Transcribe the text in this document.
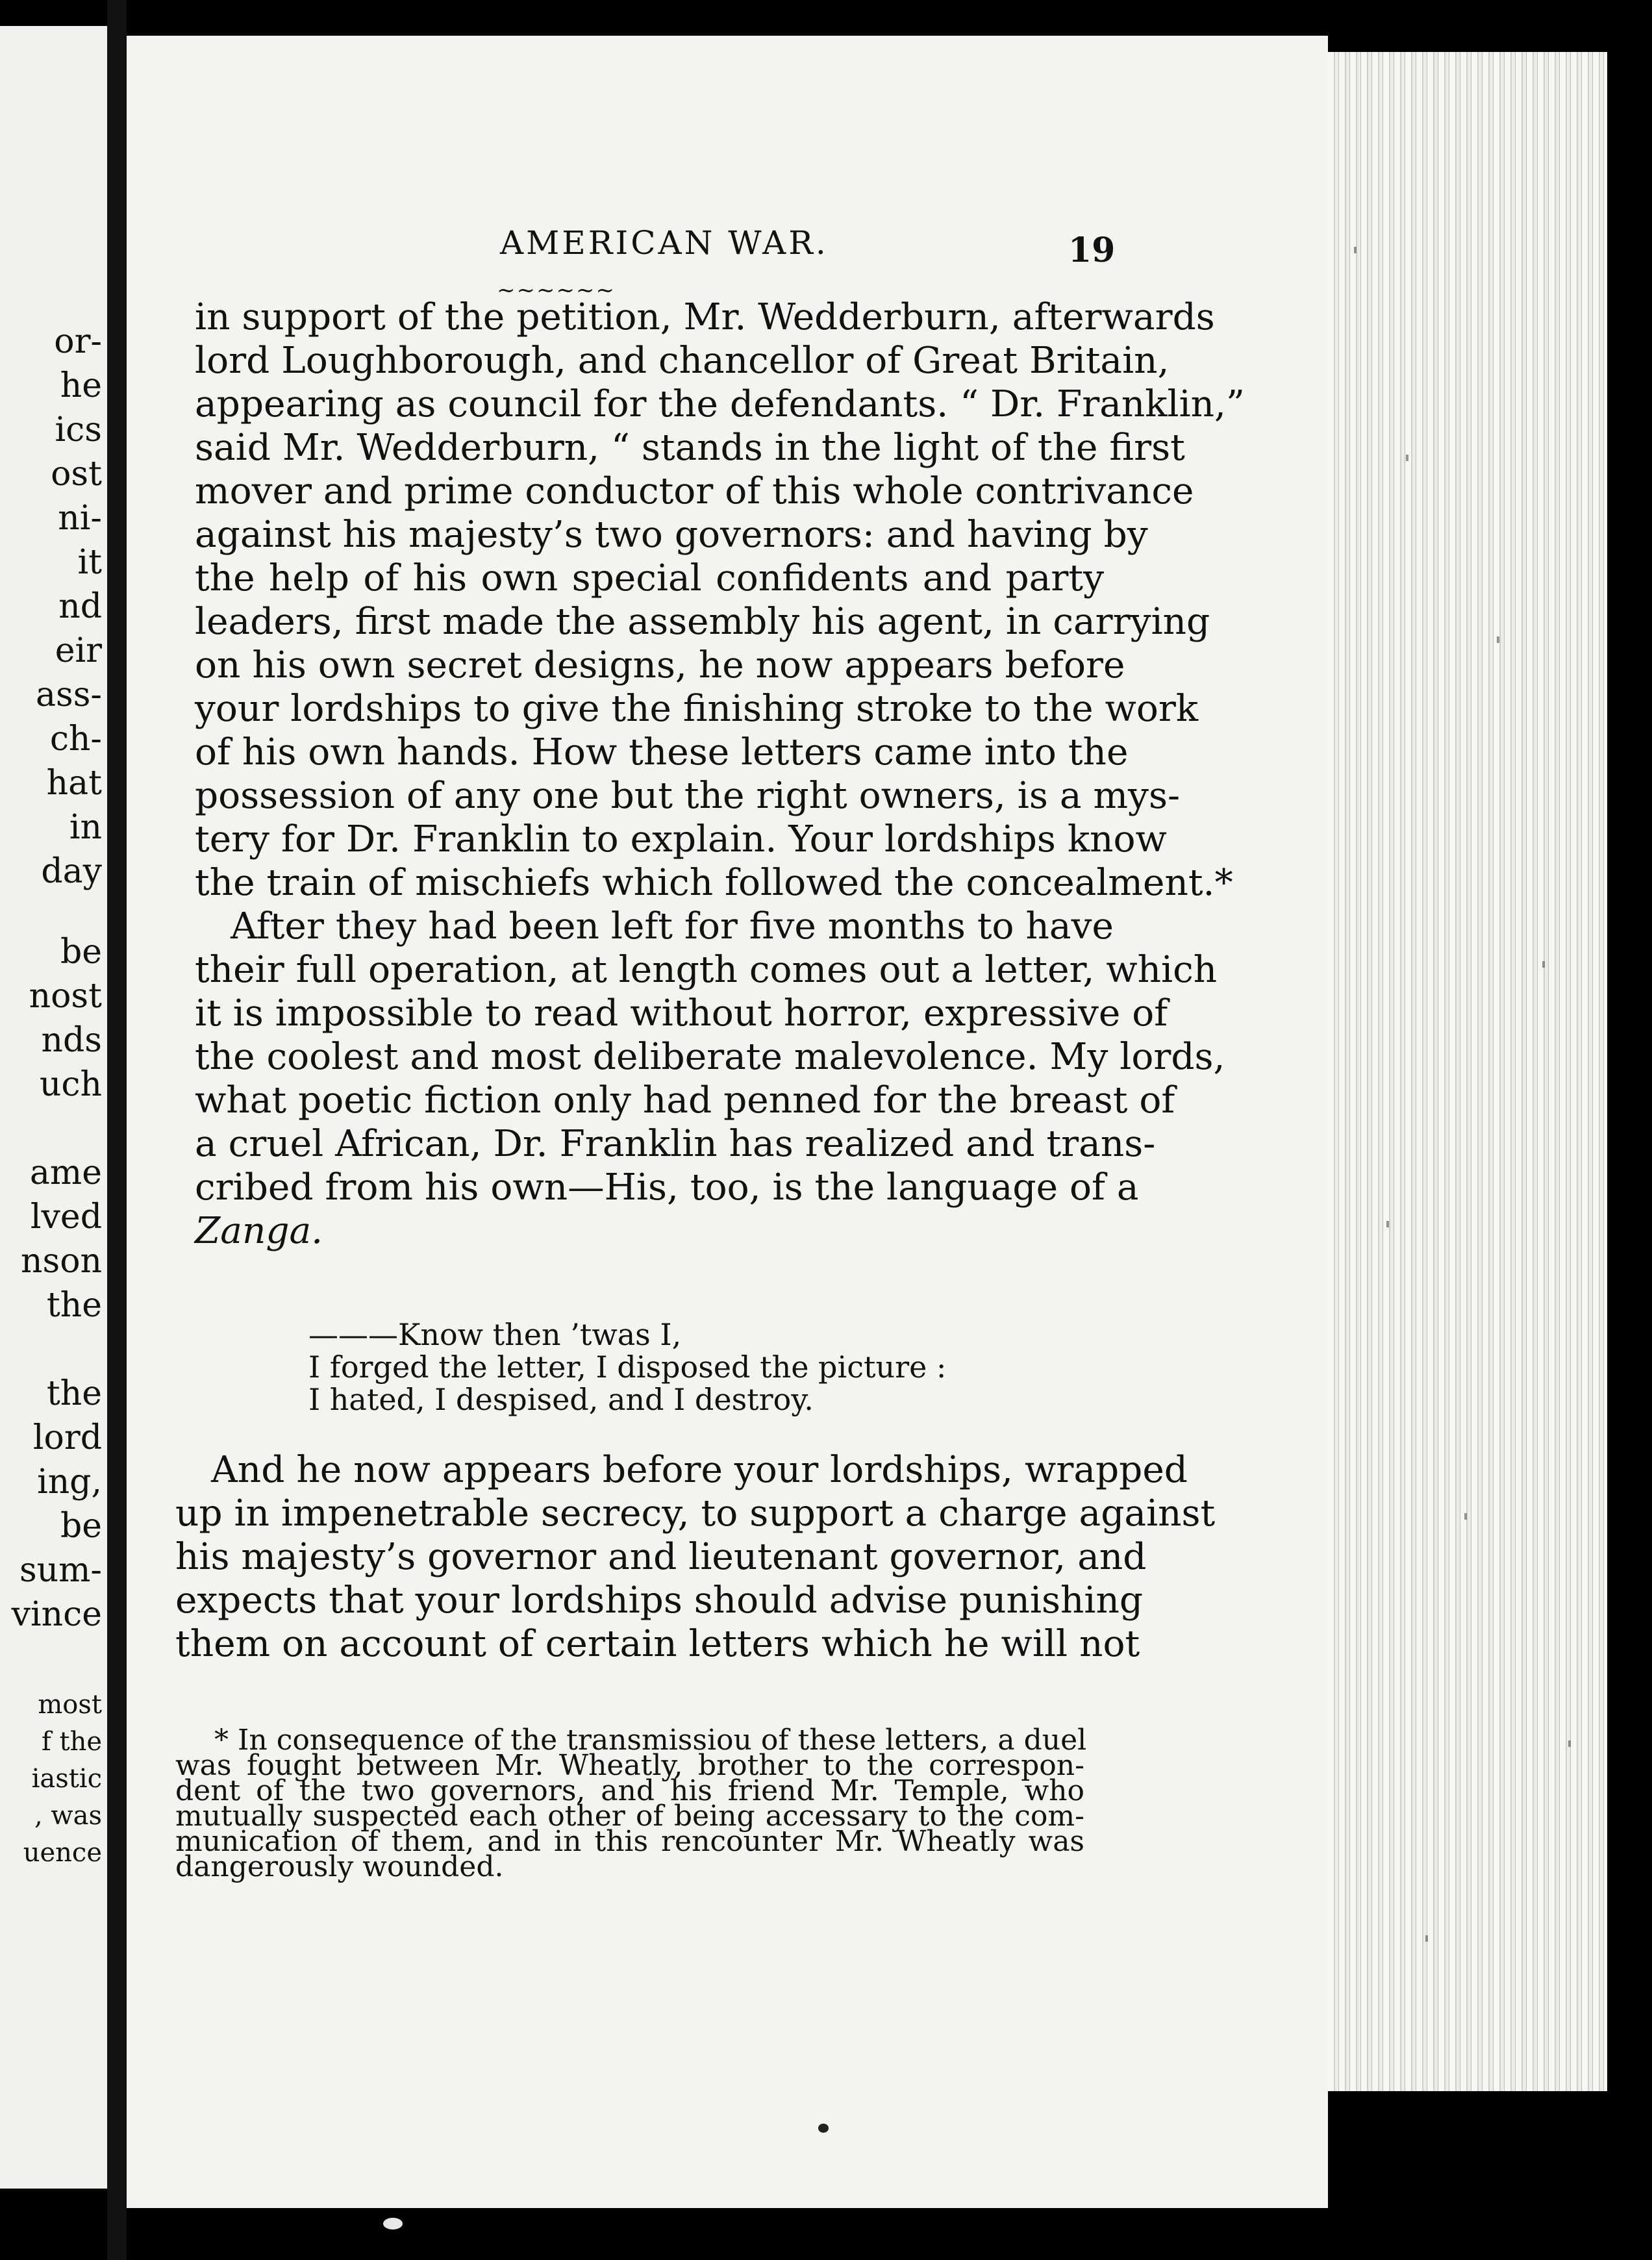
or-
he
ics
ost
ni-
it
nd
eir
ass-
ch-
hat
in
day
be
nost
nds
uch
ame
lved
nson
the
the
lord
ing,
be
sum-
vince
most
f the
iastic
, was
uence
AMERICAN WAR.	19
~~~~~~
in support of the petition, Mr. Wedderburn, afterwards
lord Loughborough, and chancellor of Great Britain,
appearing as council for the defendants. “ Dr. Franklin,”
said Mr. Wedderburn, “ stands in the light of the first
mover and prime conductor of this whole contrivance
against his majesty’s two governors: and having by
the help of his own special confidents and party
leaders, first made the assembly his agent, in carrying
on his own secret designs, he now appears before
your lordships to give the finishing stroke to the work
of his own hands. How these letters came into the
possession of any one but the right owners, is a mys-
tery for Dr. Franklin to explain. Your lordships know
the train of mischiefs which followed the concealment.*
After they had been left for five months to have
their full operation, at length comes out a letter, which
it is impossible to read without horror, expressive of
the coolest and most deliberate malevolence. My lords,
what poetic fiction only had penned for the breast of
a cruel African, Dr. Franklin has realized and trans-
cribed from his own—His, too, is the language of a
Zanga.
———Know then ’twas I,
I forged the letter, I disposed the picture :
I hated, I despised, and I destroy.
And he now appears before your lordships, wrapped
up in impenetrable secrecy, to support a charge against
his majesty’s governor and lieutenant governor, and
expects that your lordships should advise punishing
them on account of certain letters which he will not
* In consequence of the transmissiou of these letters, a duel
was fought between Mr. Wheatly, brother to the correspon-
dent of the two governors, and his friend Mr. Temple, who
mutually suspected each other of being accessary to the com-
munication of them, and in this rencounter Mr. Wheatly was
dangerously wounded.
